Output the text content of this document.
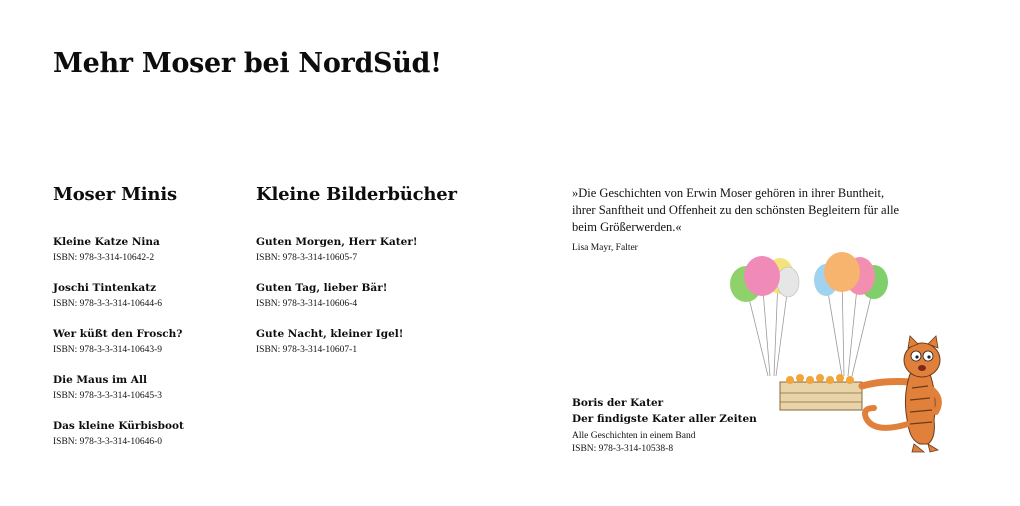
Mehr Moser bei NordSüd!
Moser Minis
Kleine Katze Nina
ISBN: 978-3-314-10642-2
Joschi Tintenkatz
ISBN: 978-3-3-314-10644-6
Wer küßt den Frosch?
ISBN: 978-3-3-314-10643-9
Die Maus im All
ISBN: 978-3-3-314-10645-3
Das kleine Kürbisboot
ISBN: 978-3-3-314-10646-0
Kleine Bilderbücher
Guten Morgen, Herr Kater!
ISBN: 978-3-314-10605-7
Guten Tag, lieber Bär!
ISBN: 978-3-314-10606-4
Gute Nacht, kleiner Igel!
ISBN: 978-3-314-10607-1
»Die Geschichten von Erwin Moser gehören in ihrer Buntheit, ihrer Sanftheit und Offenheit zu den schönsten Begleitern für alle beim Größerwerden.«
Lisa Mayr, Falter
Boris der Kater
Der findigste Kater aller Zeiten
Alle Geschichten in einem Band
ISBN: 978-3-314-10538-8
